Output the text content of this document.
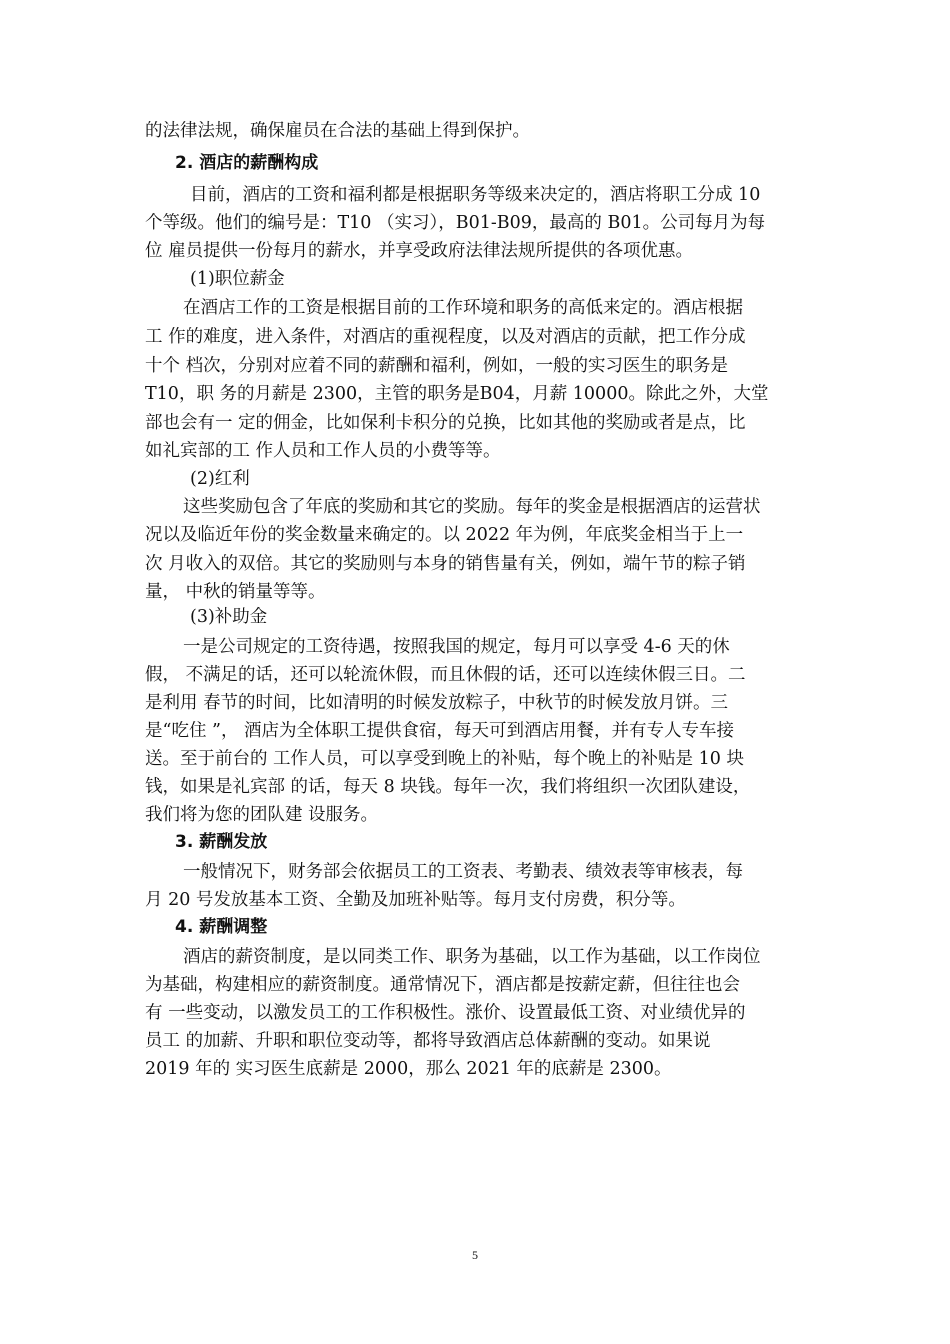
的法律法规，确保雇员在合法的基础上得到保护。
2. 酒店的薪酬构成
目前，酒店的工资和福利都是根据职务等级来决定的，酒店将职工分成 10
个等级。他们的编号是：T10 （实习），B01-B09，最高的 B01。公司每月为每
位 雇员提供一份每月的薪水，并享受政府法律法规所提供的各项优惠。
(1)职位薪金
在酒店工作的工资是根据目前的工作环境和职务的高低来定的。酒店根据
工 作的难度，进入条件，对酒店的重视程度，以及对酒店的贡献，把工作分成
十个 档次，分别对应着不同的薪酬和福利，例如，一般的实习医生的职务是
T10，职 务的月薪是 2300，主管的职务是B04，月薪 10000。除此之外，大堂
部也会有一 定的佣金，比如保利卡积分的兑换，比如其他的奖励或者是点，比
如礼宾部的工 作人员和工作人员的小费等等。
(2)红利
这些奖励包含了年底的奖励和其它的奖励。每年的奖金是根据酒店的运营状
况以及临近年份的奖金数量来确定的。以 2022 年为例，年底奖金相当于上一
次 月收入的双倍。其它的奖励则与本身的销售量有关，例如，端午节的粽子销
量， 中秋的销量等等。
(3)补助金
一是公司规定的工资待遇，按照我国的规定，每月可以享受 4-6 天的休
假， 不满足的话，还可以轮流休假，而且休假的话，还可以连续休假三日。二
是利用 春节的时间，比如清明的时候发放粽子，中秋节的时候发放月饼。三
是“吃住 ”， 酒店为全体职工提供食宿，每天可到酒店用餐，并有专人专车接
送。至于前台的 工作人员，可以享受到晚上的补贴，每个晚上的补贴是 10 块
钱，如果是礼宾部 的话，每天 8 块钱。每年一次，我们将组织一次团队建设，
我们将为您的团队建 设服务。
3. 薪酬发放
一般情况下，财务部会依据员工的工资表、考勤表、绩效表等审核表，每
月 20 号发放基本工资、全勤及加班补贴等。每月支付房费，积分等。
4. 薪酬调整
酒店的薪资制度，是以同类工作、职务为基础，以工作为基础，以工作岗位
为基础，构建相应的薪资制度。通常情况下，酒店都是按薪定薪，但往往也会
有 一些变动，以激发员工的工作积极性。涨价、设置最低工资、对业绩优异的
员工 的加薪、升职和职位变动等，都将导致酒店总体薪酬的变动。如果说
2019 年的 实习医生底薪是 2000，那么 2021 年的底薪是 2300。
5
